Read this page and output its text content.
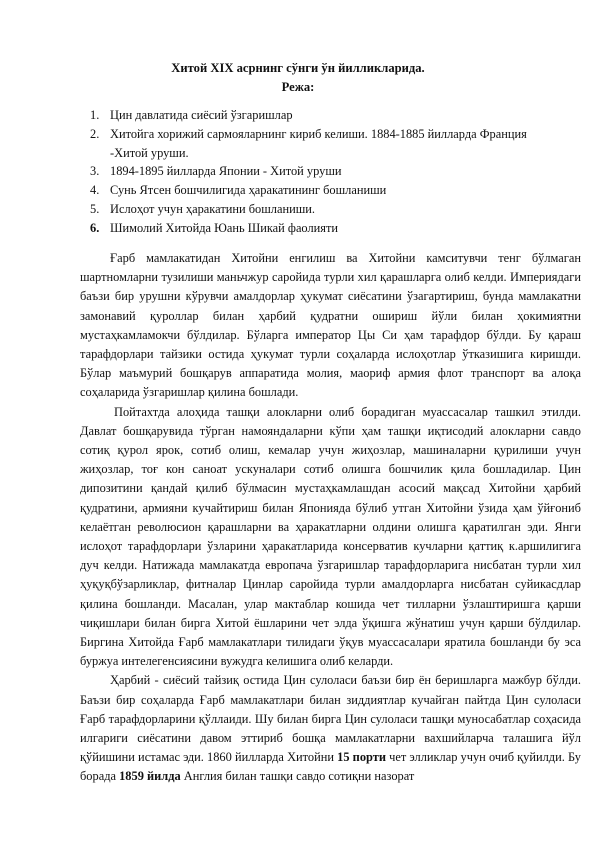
Хитой XIX асрнинг сўнги ўн йилликларида.
Режа:
1. Цин давлатида сиёсий ўзгаришлар
2. Хитойга хорижий сармояларнинг кириб келиши. 1884-1885 йилларда Франция -Хитой уруши.
3. 1894-1895 йилларда Японии - Хитой уруши
4. Сунь Ятсен бошчилигида ҳаракатининг бошланиши
5. Ислоҳот учун ҳаракатини бошланиши.
6. Шимолий Хитойда Юань Шикай фаолияти

Ғарб мамлакатидан Хитойни енгилиш ва Хитойни камситувчи тенг бўлмаган шартномларни тузилиши маньчжур саройида турли хил қарашларга олиб келди. Империядаги баъзи бир урушни кўрувчи амалдорлар ҳукумат сиёсатини ўзагартириш, бунда мамлакатни замонавий қуроллар билан ҳарбий қудратни ошириш йўли билан ҳокимиятни мустаҳкамламокчи бўлдилар. Бўларга император Цы Си ҳам тарафдор бўлди. Бу қараш тарафдорлари тайзики остида ҳукумат турли соҳаларда ислоҳотлар ўтказишига киришди. Бўлар маъмурий бошқарув аппаратида молия, маориф армия флот транспорт ва алоқа соҳаларида ўзгаришлар қилина бошлади.

Пойтахтда алоҳида ташқи алокларни олиб борадиган муассасалар ташкил этилди. Давлат бошқарувида тўрган намояндаларни кўпи ҳам ташқи иқтисодий алокларни савдо сотиқ қурол ярок, сотиб олиш, кемалар учун жиҳозлар, машиналарни қурилиши учун жиҳозлар, тоғ кон саноат ускуналари сотиб олишга бошчилик қила бошладилар. Цин дипозитини қандай қилиб бўлмасин мустаҳкамлашдан асосий мақсад Хитойни ҳарбий қудратини, армияни кучайтириш билан Японияда бўлиб утган Хитойни ўзида ҳам ўйғониб келаётган революсион қарашларни ва ҳаракатларни олдини олишга қаратилган эди. Янги ислоҳот тарафдорлари ўзларини ҳаракатларида консерватив кучларни қаттиқ к.аршилигига дуч келди. Натижада мамлакатда европача ўзгаришлар тарафдорларига нисбатан турли хил ҳуқуқбўзарликлар, фитналар Цинлар саройида турли амалдорларга нисбатан суйикасдлар қилина бошланди. Масалан, улар мактаблар кошида чет тилларни ўзлаштиришга қарши чиқишлари билан бирга Хитой ёшларини чет элда ўқишга жўнатиш учун қарши бўлдилар. Биргина Хитойда Ғарб мамлакатлари тилидаги ўқув муассасалари яратила бошланди бу эса буржуа интелегенсиясини вужудга келишига олиб келарди.

Ҳарбий - сиёсий тайзиқ остида Цин сулоласи баъзи бир ён беришларга мажбур бўлди. Баъзи бир соҳаларда Ғарб мамлакатлари билан зиддиятлар кучайган пайтда Цин сулоласи Ғарб тарафдорларини қўллаиди. Шу билан бирга Цин сулоласи ташқи муносабатлар соҳасида илгариги сиёсатини давом эттириб бошқа мамлакатларни вахшийларча талашига йўл қўйишини истамас эди. 1860 йилларда Хитойни 15 порти чет элликлар учун очиб қуйилди. Бу борада 1859 йилда Англия билан ташқи савдо сотиқни назорат
